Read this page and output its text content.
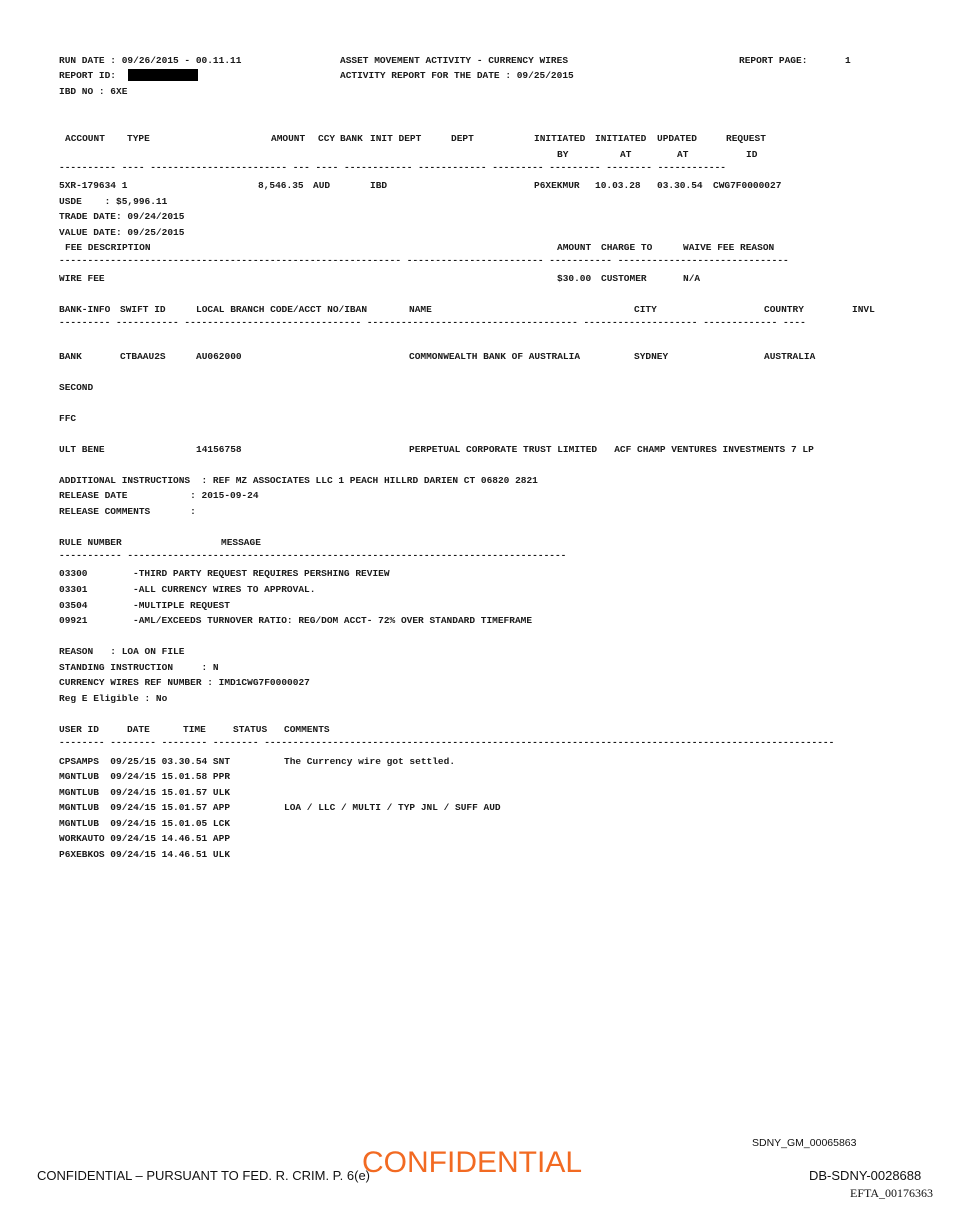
RUN DATE : 09/26/2015 - 00.11.11
REPORT ID:
IBD NO : 6XE
ASSET MOVEMENT ACTIVITY - CURRENCY WIRES
ACTIVITY REPORT FOR THE DATE : 09/25/2015
REPORT PAGE:	1
ACCOUNT TYPE	AMOUNT CCY BANK INIT DEPT	DEPT	INITIATED INITIATED UPDATED	REQUEST
BY	AT	AT	ID
---------- ---- ------------------------ --- ---- ------------ ------------ --------- --------- -------- ------------
5XR-179634 1	8,546.35 AUD	IBD	P6XEKMUR 10.03.28 03.30.54 CWG7F0000027
USDE    : $5,996.11
TRADE DATE: 09/24/2015
VALUE DATE: 09/25/2015
FEE DESCRIPTION	AMOUNT CHARGE TO	WAIVE FEE REASON
------------------------------------------------------------ ------------------------ ----------- ------------------------------
WIRE FEE	$30.00 CUSTOMER	N/A
BANK-INFO SWIFT ID	LOCAL BRANCH CODE/ACCT NO/IBAN	NAME	CITY	COUNTRY	INVL
--------- ----------- ------------------------------- ------------------------------------- -------------------- ------------- ----
BANK	CTBAAU2S	AU062000	COMMONWEALTH BANK OF AUSTRALIA	SYDNEY	AUSTRALIA
SECOND
FFC
ULT BENE	14156758	PERPETUAL CORPORATE TRUST LIMITED   ACF CHAMP VENTURES INVESTMENTS 7 LP
ADDITIONAL INSTRUCTIONS  : REF MZ ASSOCIATES LLC 1 PEACH HILLRD DARIEN CT 06820 2821
RELEASE DATE           : 2015-09-24
RELEASE COMMENTS       :
RULE NUMBER	MESSAGE
----------- -----------------------------------------------------------------------------
03300	-THIRD PARTY REQUEST REQUIRES PERSHING REVIEW
03301	-ALL CURRENCY WIRES TO APPROVAL.
03504	-MULTIPLE REQUEST
09921	-AML/EXCEEDS TURNOVER RATIO: REG/DOM ACCT- 72% OVER STANDARD TIMEFRAME
REASON   : LOA ON FILE
STANDING INSTRUCTION     : N
CURRENCY WIRES REF NUMBER : IMD1CWG7F0000027
Reg E Eligible : No
USER ID	DATE	TIME	STATUS COMMENTS
-------- -------- -------- -------- ----------------------------------------------------------------------------------------------------
CPSAMPS  09/25/15 03.30.54 SNT	The Currency wire got settled.
MGNTLUB  09/24/15 15.01.58 PPR
MGNTLUB  09/24/15 15.01.57 ULK
MGNTLUB  09/24/15 15.01.57 APP	LOA / LLC / MULTI / TYP JNL / SUFF AUD
MGNTLUB  09/24/15 15.01.05 LCK
WORKAUTO 09/24/15 14.46.51 APP
P6XEBKOS 09/24/15 14.46.51 ULK
SDNY_GM_00065863
CONFIDENTIAL – PURSUANT TO FED. R. CRIM. P. 6(e)
CONFIDENTIAL	DB-SDNY-0028688
EFTA_00176363
